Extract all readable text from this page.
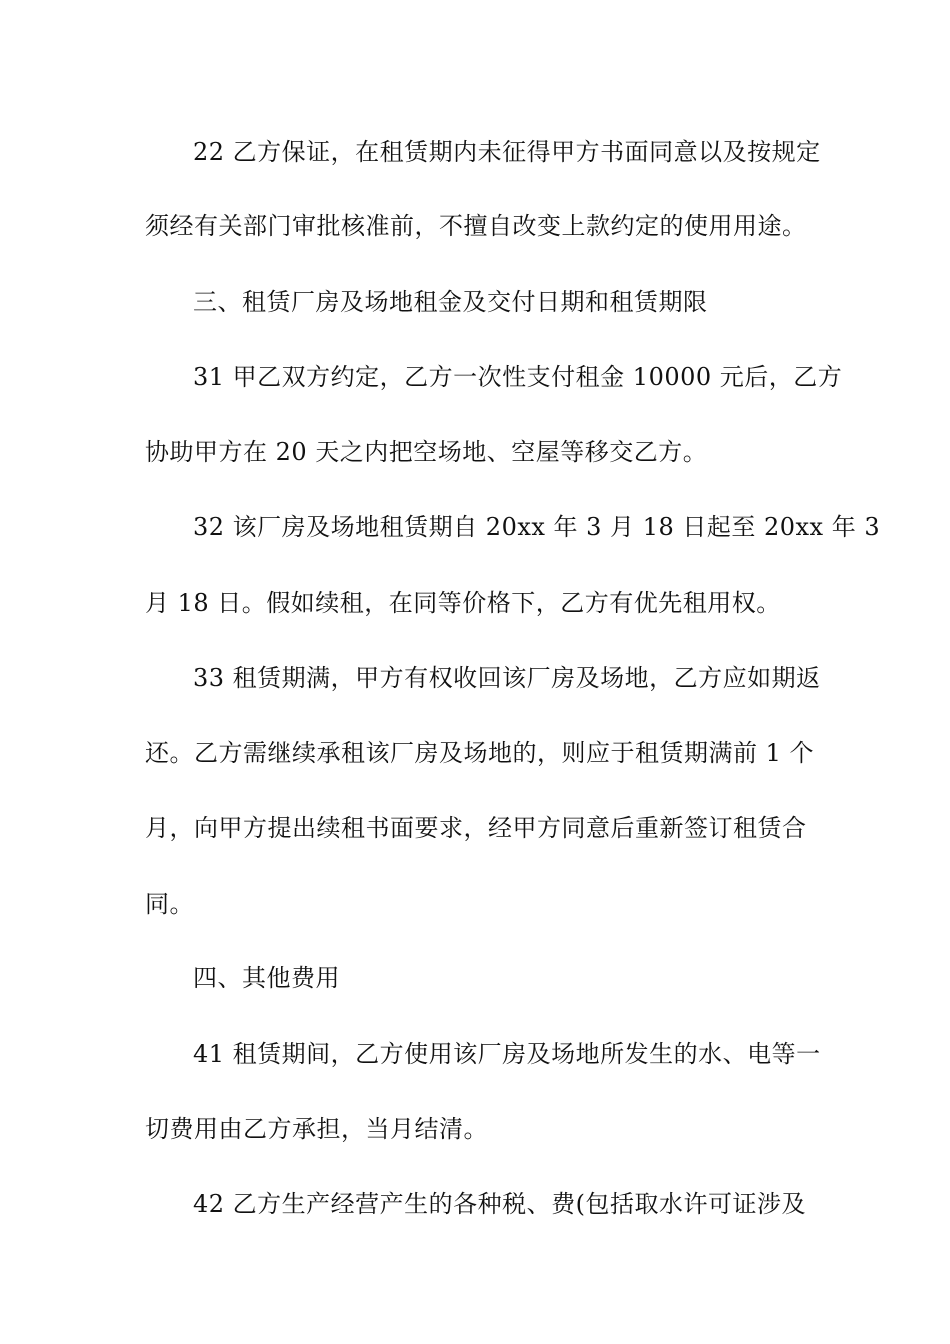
22 乙方保证，在租赁期内未征得甲方书面同意以及按规定
须经有关部门审批核准前，不擅自改变上款约定的使用用途。
三、租赁厂房及场地租金及交付日期和租赁期限
31 甲乙双方约定，乙方一次性支付租金 10000 元后，乙方
协助甲方在 20 天之内把空场地、空屋等移交乙方。
32 该厂房及场地租赁期自 20xx 年 3 月 18 日起至 20xx 年 3
月 18 日。假如续租，在同等价格下，乙方有优先租用权。
33 租赁期满，甲方有权收回该厂房及场地，乙方应如期返
还。乙方需继续承租该厂房及场地的，则应于租赁期满前 1 个
月，向甲方提出续租书面要求，经甲方同意后重新签订租赁合
同。
四、其他费用
41 租赁期间，乙方使用该厂房及场地所发生的水、电等一
切费用由乙方承担，当月结清。
42 乙方生产经营产生的各种税、费(包括取水许可证涉及
